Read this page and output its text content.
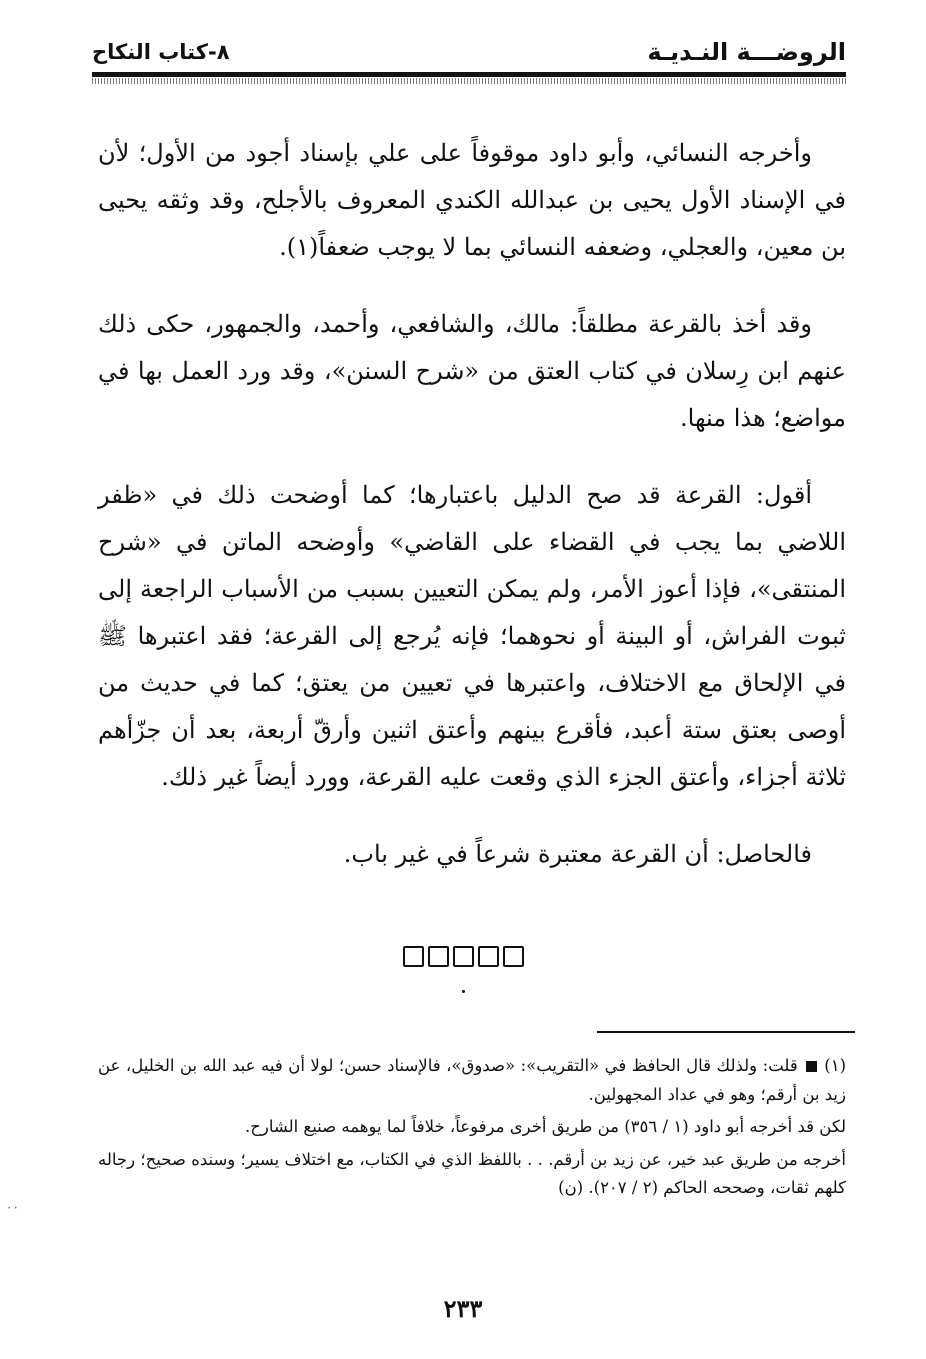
الروضـــة النـديـة
٨-كتاب النكاح

وأخرجه النسائي، وأبو داود موقوفاً على علي بإسناد أجود من الأول؛ لأن في الإسناد الأول يحيى بن عبدالله الكندي المعروف بالأجلح، وقد وثقه يحيى بن معين، والعجلي، وضعفه النسائي بما لا يوجب ضعفاً(١).

وقد أخذ بالقرعة مطلقاً: مالك، والشافعي، وأحمد، والجمهور، حكى ذلك عنهم ابن رِسلان في كتاب العتق من «شرح السنن»، وقد ورد العمل بها في مواضع؛ هذا منها.

أقول: القرعة قد صح الدليل باعتبارها؛ كما أوضحت ذلك في «ظفر اللاضي بما يجب في القضاء على القاضي» وأوضحه الماتن في «شرح المنتقى»، فإذا أعوز الأمر، ولم يمكن التعيين بسبب من الأسباب الراجعة إلى ثبوت الفراش، أو البينة أو نحوهما؛ فإنه يُرجع إلى القرعة؛ فقد اعتبرها ﷺ في الإلحاق مع الاختلاف، واعتبرها في تعيين من يعتق؛ كما في حديث من أوصى بعتق ستة أعبد، فأقرع بينهم وأعتق اثنين وأرقّ أربعة، بعد أن جزّأهم ثلاثة أجزاء، وأعتق الجزء الذي وقعت عليه القرعة، وورد أيضاً غير ذلك.

فالحاصل: أن القرعة معتبرة شرعاً في غير باب.

(١) قلت: ولذلك قال الحافظ في «التقريب»: «صدوق»، فالإسناد حسن؛ لولا أن فيه عبد الله بن الخليل، عن زيد بن أرقم؛ وهو في عداد المجهولين.

لكن قد أخرجه أبو داود (١ / ٣٥٦) من طريق أخرى مرفوعاً، خلافاً لما يوهمه صنيع الشارح.

أخرجه من طريق عبد خير، عن زيد بن أرقم. . . باللفظ الذي في الكتاب، مع اختلاف يسير؛ وسنده صحيح؛ رجاله كلهم ثقات، وصححه الحاكم (٢ / ٢٠٧). (ن)

٠٠
٢٣٣
